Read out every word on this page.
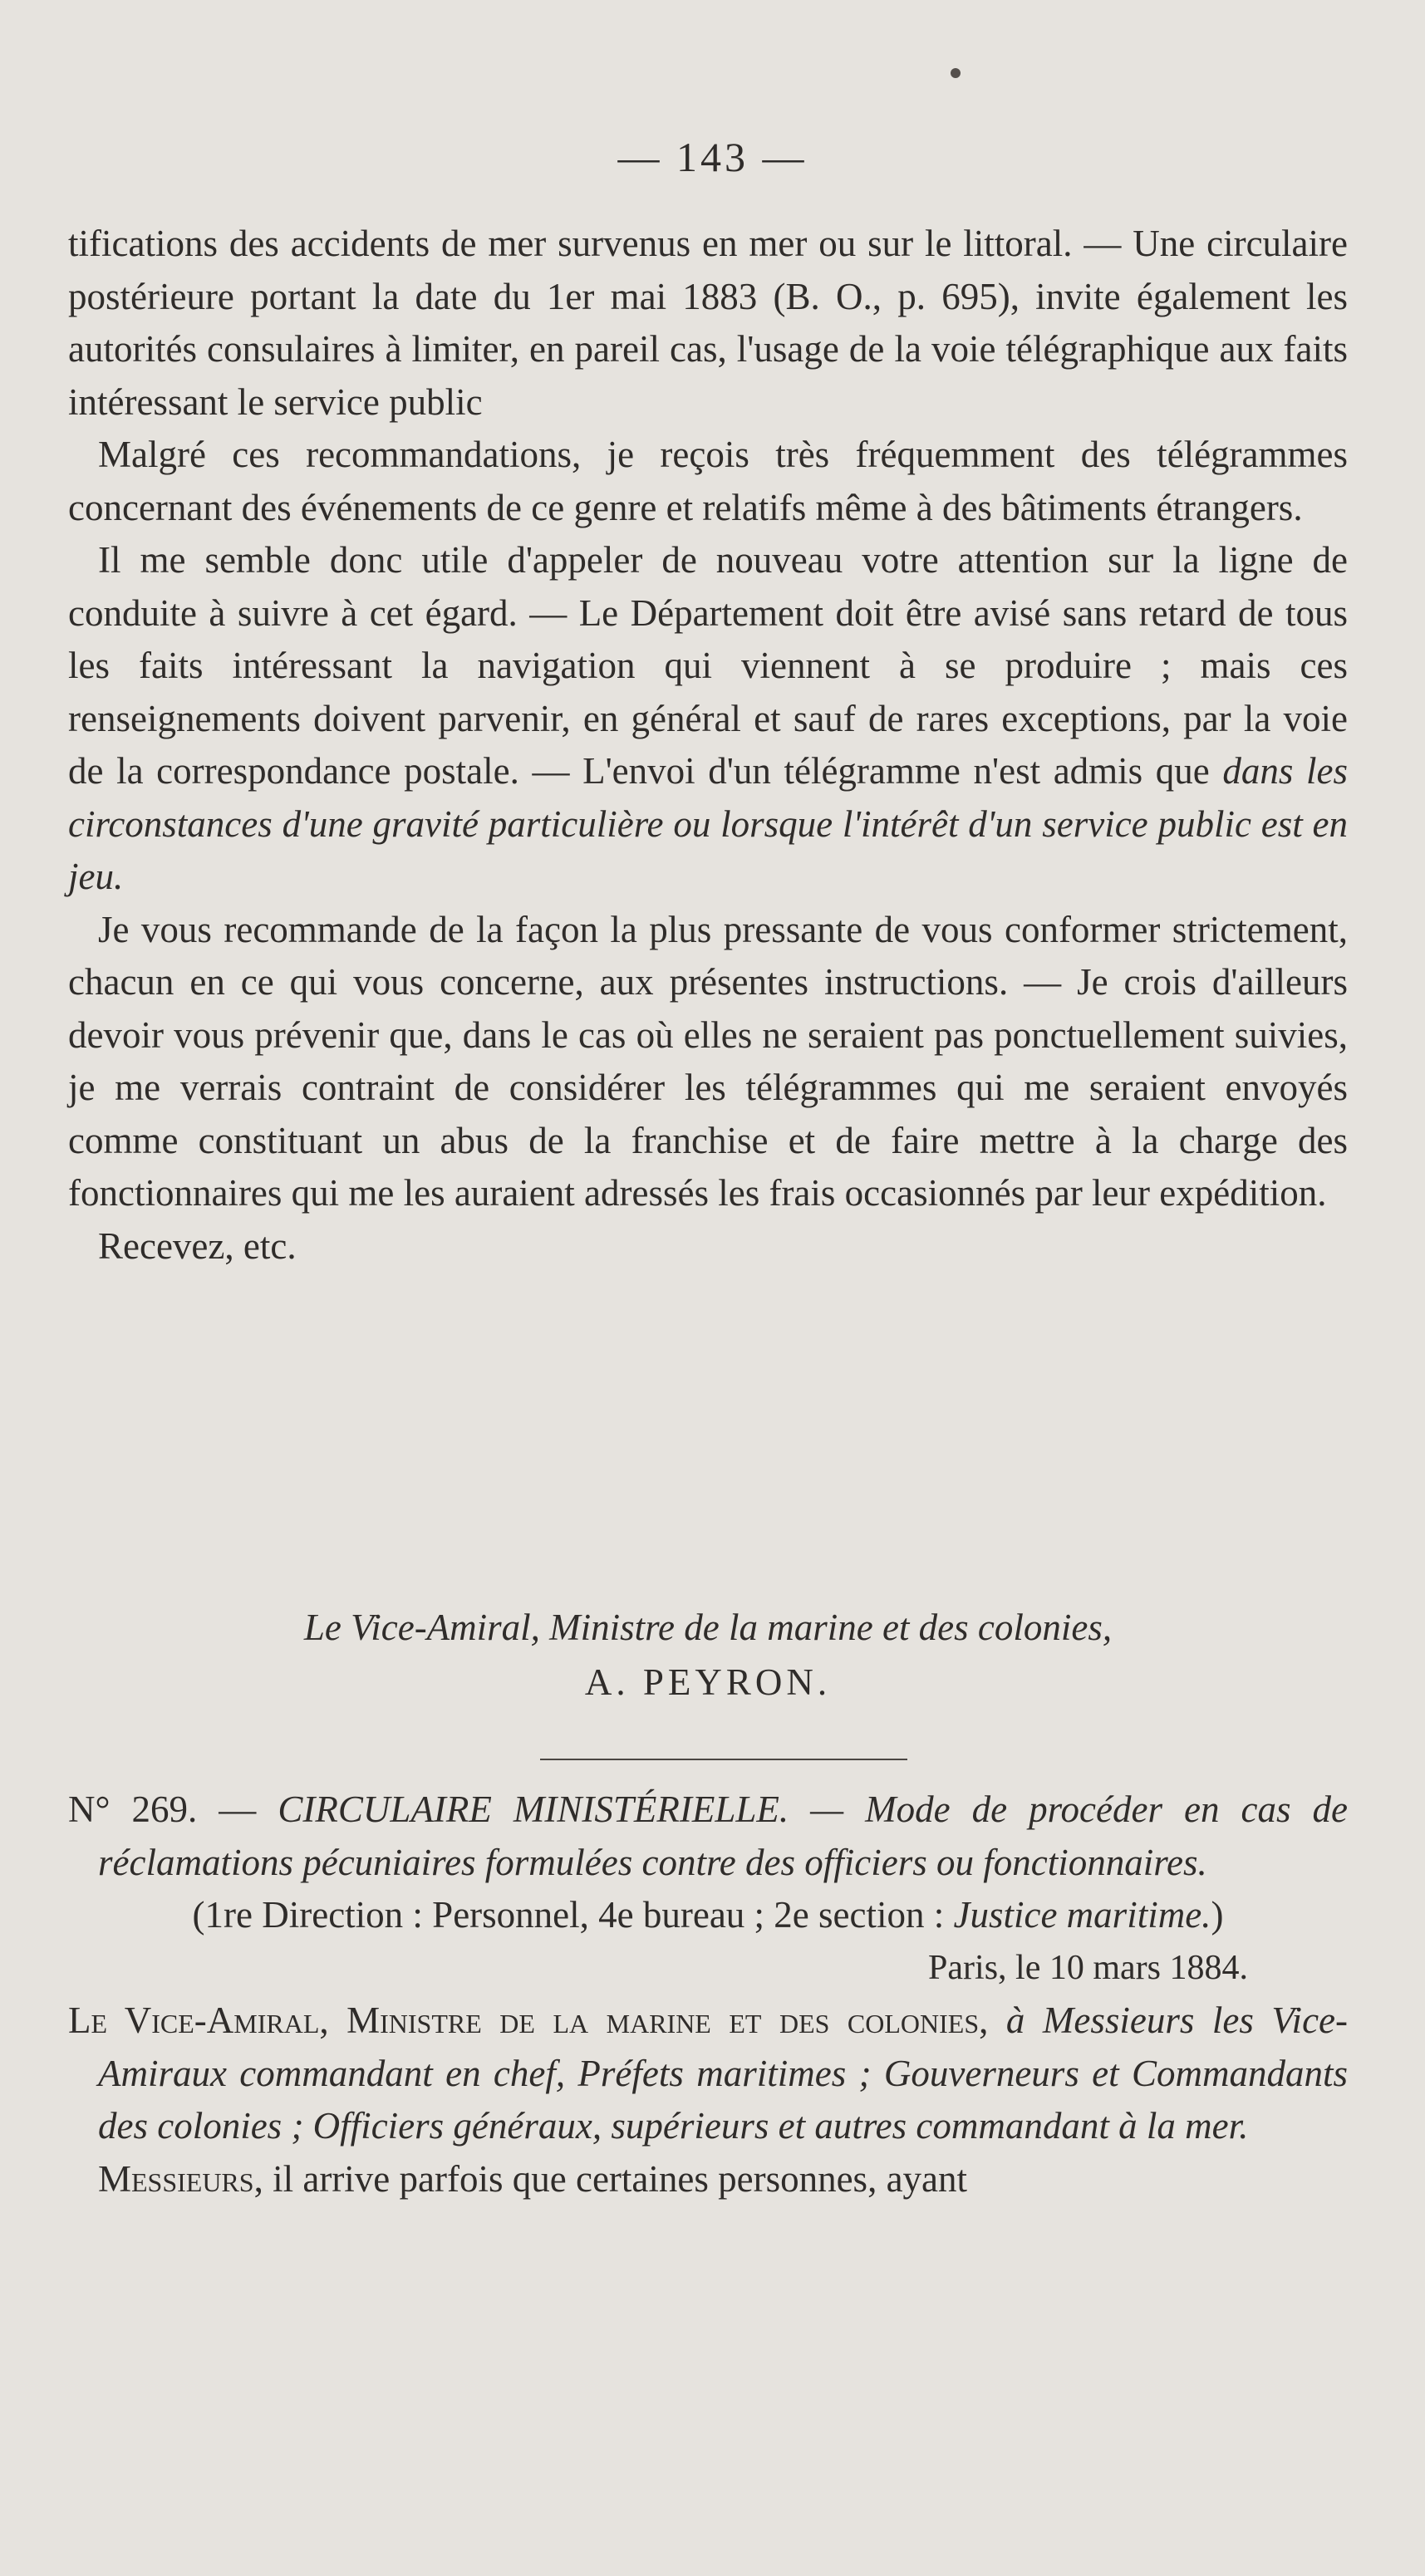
— 143 —

tifications des accidents de mer survenus en mer ou sur le littoral. — Une circulaire postérieure portant la date du 1er mai 1883 (B. O., p. 695), invite également les autorités consulaires à limiter, en pareil cas, l'usage de la voie télégraphique aux faits intéressant le service public

Malgré ces recommandations, je reçois très fréquemment des télégrammes concernant des événements de ce genre et relatifs même à des bâtiments étrangers.

Il me semble donc utile d'appeler de nouveau votre attention sur la ligne de conduite à suivre à cet égard. — Le Département doit être avisé sans retard de tous les faits intéressant la navigation qui viennent à se produire ; mais ces renseignements doivent parvenir, en général et sauf de rares exceptions, par la voie de la correspondance postale. — L'envoi d'un télégramme n'est admis que dans les circonstances d'une gravité particulière ou lorsque l'intérêt d'un service public est en jeu.

Je vous recommande de la façon la plus pressante de vous conformer strictement, chacun en ce qui vous concerne, aux présentes instructions. — Je crois d'ailleurs devoir vous prévenir que, dans le cas où elles ne seraient pas ponctuellement suivies, je me verrais contraint de considérer les télégrammes qui me seraient envoyés comme constituant un abus de la franchise et de faire mettre à la charge des fonctionnaires qui me les auraient adressés les frais occasionnés par leur expédition.

Recevez, etc.

Le Vice-Amiral, Ministre de la marine et des colonies,
A. PEYRON.

N° 269. — CIRCULAIRE MINISTÉRIELLE. — Mode de procéder en cas de réclamations pécuniaires formulées contre des officiers ou fonctionnaires.

(1re Direction : Personnel, 4e bureau ; 2e section : Justice maritime.)

Paris, le 10 mars 1884.

Le Vice-Amiral, Ministre de la marine et des colonies, à Messieurs les Vice-Amiraux commandant en chef, Préfets maritimes ; Gouverneurs et Commandants des colonies ; Officiers généraux, supérieurs et autres commandant à la mer.

Messieurs, il arrive parfois que certaines personnes, ayant
